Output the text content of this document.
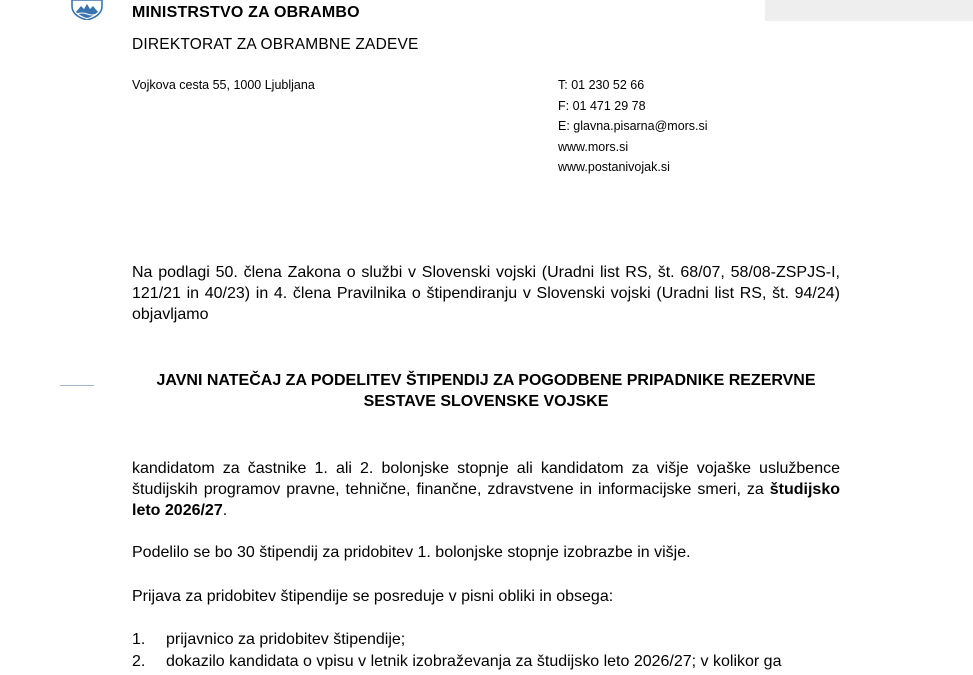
MINISTRSTVO ZA OBRAMBO
DIREKTORAT ZA OBRAMBNE ZADEVE
Vojkova cesta 55, 1000 Ljubljana	T: 01 230 52 66
F: 01 471 29 78
E: glavna.pisarna@mors.si
www.mors.si
www.postanivojak.si
Na podlagi 50. člena Zakona o službi v Slovenski vojski (Uradni list RS, št. 68/07, 58/08-ZSPJS-I, 121/21 in 40/23) in 4. člena Pravilnika o štipendiranju v Slovenski vojski (Uradni list RS, št. 94/24) objavljamo
JAVNI NATEČAJ ZA PODELITEV ŠTIPENDIJ ZA POGODBENE PRIPADNIKE REZERVNE
SESTAVE SLOVENSKE VOJSKE
kandidatom za častnike 1. ali 2. bolonjske stopnje ali kandidatom za višje vojaške uslužbence študijskih programov pravne, tehnične, finančne, zdravstvene in informacijske smeri, za študijsko leto 2026/27.
Podelilo se bo 30 štipendij za pridobitev 1. bolonjske stopnje izobrazbe in višje.
Prijava za pridobitev štipendije se posreduje v pisni obliki in obsega:
1. prijavnico za pridobitev štipendije;
2. dokazilo kandidata o vpisu v letnik izobraževanja za študijsko leto 2026/27; v kolikor ga
